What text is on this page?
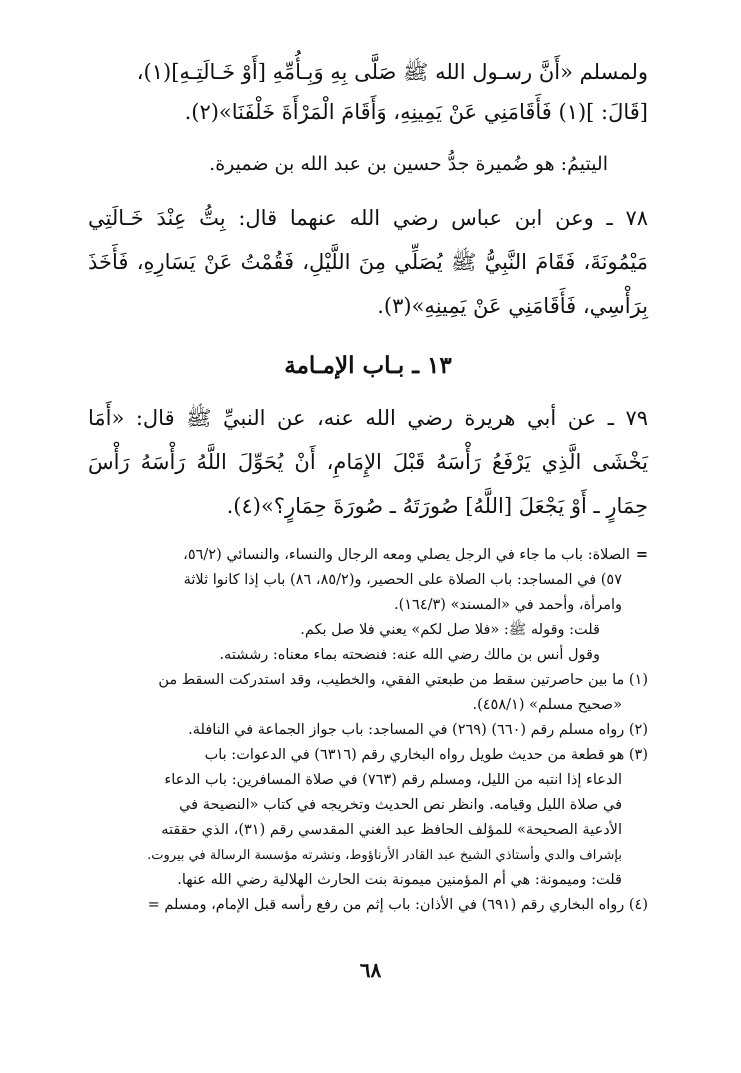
ولمسلم «أَنَّ رسـول الله ﷺ صَلَّى بِهِ وَبِـأُمِّهِ [أَوْ خَـالَتِـهِ](١)،

[قَالَ: ](١) فَأَقَامَنِي عَنْ يَمِينِهِ، وَأَقَامَ الْمَرْأَةَ خَلْفَنَا»(٢).

اليتيمُ: هو ضُميرة جدُّ حسين بن عبد الله بن ضميرة.

٧٨ ـ وعن ابن عباس رضي الله عنهما قال: بِتُّ عِنْدَ خَـالَتِي مَيْمُونَةَ، فَقَامَ النَّبِيُّ ﷺ يُصَلِّي مِنَ اللَّيْلِ، فَقُمْتُ عَنْ يَسَارِهِ، فَأَخَذَ بِرَأْسِي، فَأَقَامَنِي عَنْ يَمِينِهِ»(٣).

١٣ ـ بـاب الإمـامة

٧٩ ـ عن أبي هريرة رضي الله عنه، عن النبيِّ ﷺ قال: «أَمَا يَخْشَى الَّذِي يَرْفَعُ رَأْسَهُ قَبْلَ الإِمَامِ، أَنْ يُحَوِّلَ اللَّهُ رَأْسَهُ رَأْسَ حِمَارٍ ـ أَوْ يَجْعَلَ [اللَّهُ] صُورَتَهُ ـ صُورَةَ حِمَارٍ؟»(٤).

=الصلاة: باب ما جاء في الرجل يصلي ومعه الرجال والنساء، والنسائي (٥٦/٢،

٥٧) في المساجد: باب الصلاة على الحصير، و(٨٥/٢، ٨٦) باب إذا كانوا ثلاثة

وامرأة، وأحمد في «المسند» (١٦٤/٣).

قلت: وقوله ﷺ: «فلا صل لكم» يعني فلا صل بكم.

وقول أنس بن مالك رضي الله عنه: فنضحته بماء معناه: رششته.

(١) ما بين حاصرتين سقط من طبعتي الفقي، والخطيب، وقد استدركت السقط من

«صحيح مسلم» (٤٥٨/١).

(٢) رواه مسلم رقم (٦٦٠) (٢٦٩) في المساجد: باب جواز الجماعة في النافلة.

(٣) هو قطعة من حديث طويل رواه البخاري رقم (٦٣١٦) في الدعوات: باب

الدعاء إذا انتبه من الليل، ومسلم رقم (٧٦٣) في صلاة المسافرين: باب الدعاء

في صلاة الليل وقيامه. وانظر نص الحديث وتخريجه في كتاب «النصيحة في

الأدعية الصحيحة» للمؤلف الحافظ عبد الغني المقدسي رقم (٣١)، الذي حققته

بإشراف والدي وأستاذي الشيخ عبد القادر الأرناؤوط، ونشرته مؤسسة الرسالة في بيروت.

قلت: وميمونة: هي أم المؤمنين ميمونة بنت الحارث الهلالية رضي الله عنها.

(٤) رواه البخاري رقم (٦٩١) في الأذان: باب إثم من رفع رأسه قبل الإمام، ومسلم =

٦٨
